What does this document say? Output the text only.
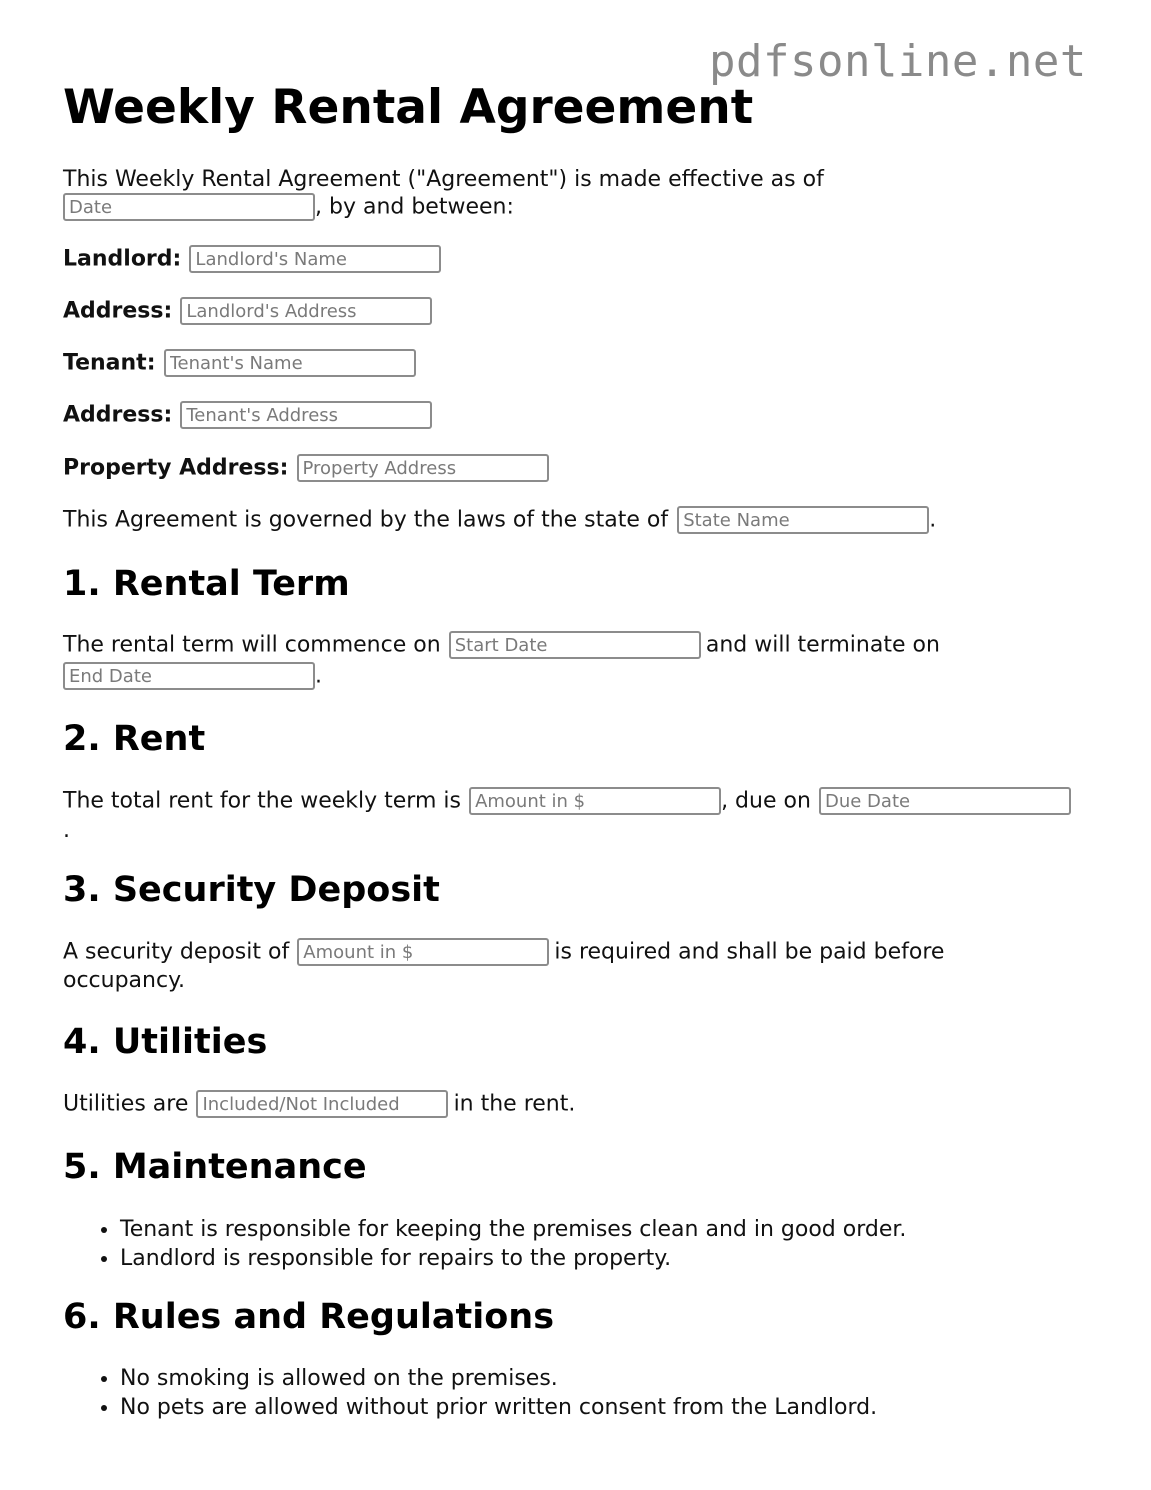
pdfsonline.net
Weekly Rental Agreement

This Weekly Rental Agreement ("Agreement") is made effective as of

Date, by and between:
Landlord: Landlord's Name
Address: Landlord's Address
Tenant: Tenant's Name
Address: Tenant's Address
Property Address: Property Address
This Agreement is governed by the laws of the state of State Name	.
1. Rental Term
The rental term will commence on Start Date	and will terminate on
End Date.
2. Rent
The total rent for the weekly term is Amount in $	, due on Due Date

.

3. Security Deposit
A security deposit of Amount in $	is required and shall be paid before

occupancy.

4. Utilities
Utilities are Included/Not Included	in the rent.
5. Maintenance
• Tenant is responsible for keeping the premises clean and in good order.
• Landlord is responsible for repairs to the property.
6. Rules and Regulations
• No smoking is allowed on the premises.
• No pets are allowed without prior written consent from the Landlord.
